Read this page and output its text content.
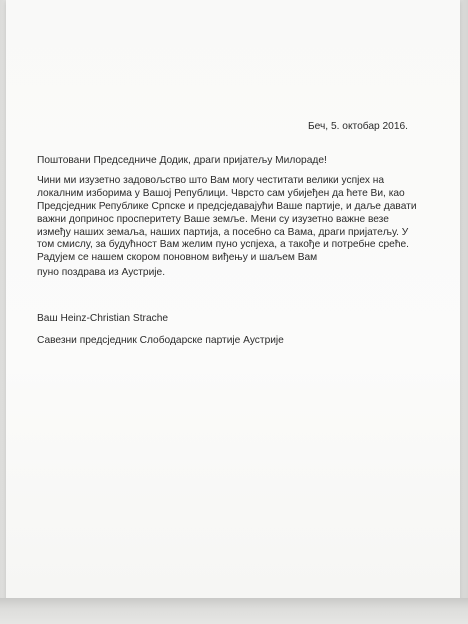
Беч, 5. октобар 2016.
Поштовани Председниче Додик, драги пријатељу Милораде!
Чини ми изузетно задовољство што Вам могу честитати велики успјех на
локалним изборима у Вашој Републици. Чврсто сам убијеђен да ћете Ви, као
Предсједник Републике Српске и предсједавајући Ваше партије, и даље давати
важни допринос просперитету Ваше земље. Мени су изузетно важне везе
између наших земаља, наших партија, а посебно са Вама, драги пријатељу. У
том смислу, за будућност Вам желим пуно успјеха, а такође и потребне среће.
Радујем се нашем скором поновном виђењу и шаљем Вам
пуно поздрава из Аустрије.
Ваш Heinz-Christian Strache
Савезни предсједник Слободарске партије Аустрије
